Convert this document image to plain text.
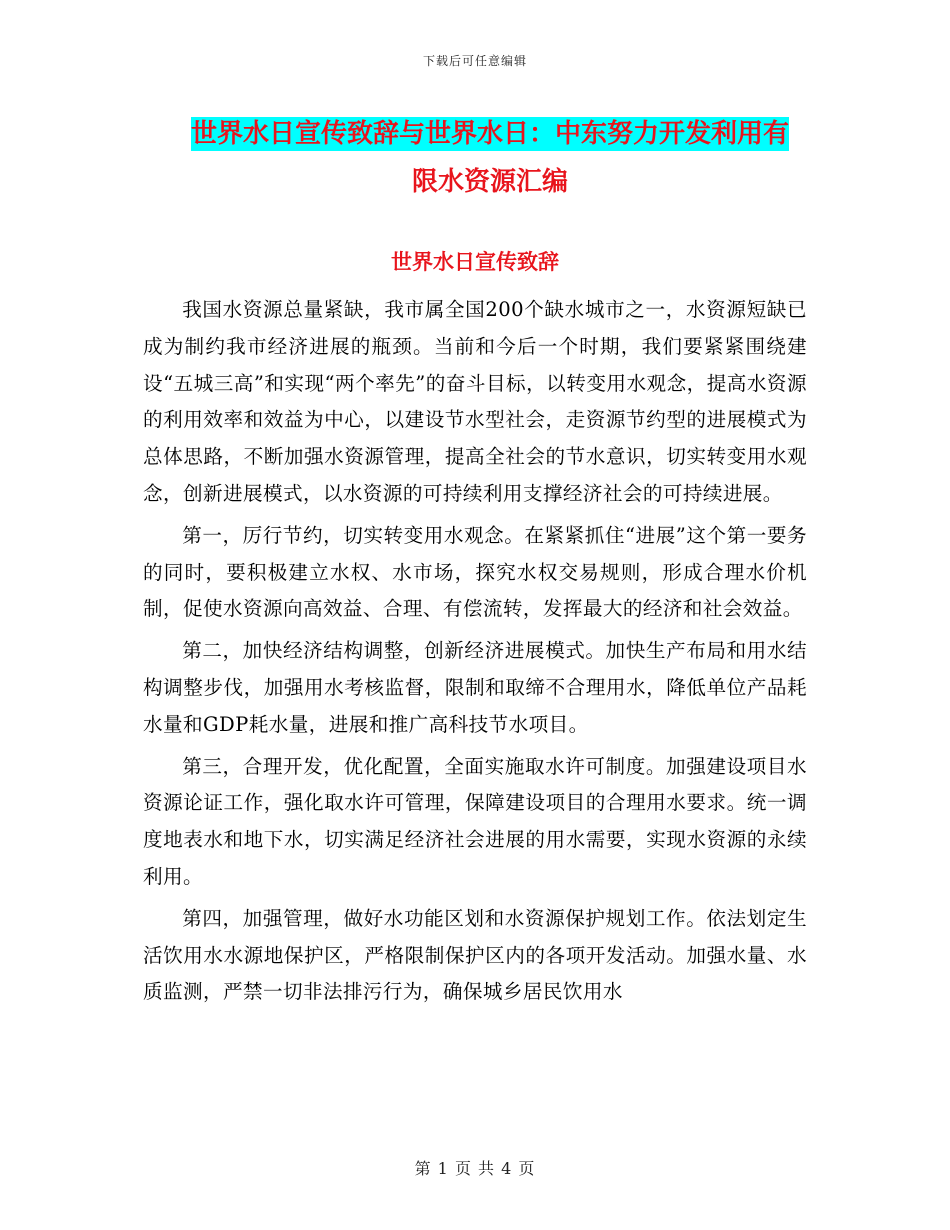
下载后可任意编辑
世界水日宣传致辞与世界水日：中东努力开发利用有
限水资源汇编
世界水日宣传致辞

我国水资源总量紧缺，我市属全国200个缺水城市之一，水资源短缺已成为制约我市经济进展的瓶颈。当前和今后一个时期，我们要紧紧围绕建设“五城三高”和实现“两个率先”的奋斗目标，以转变用水观念，提高水资源的利用效率和效益为中心，以建设节水型社会，走资源节约型的进展模式为总体思路，不断加强水资源管理，提高全社会的节水意识，切实转变用水观念，创新进展模式，以水资源的可持续利用支撑经济社会的可持续进展。

第一，厉行节约，切实转变用水观念。在紧紧抓住“进展”这个第一要务的同时，要积极建立水权、水市场，探究水权交易规则，形成合理水价机制，促使水资源向高效益、合理、有偿流转，发挥最大的经济和社会效益。

第二，加快经济结构调整，创新经济进展模式。加快生产布局和用水结构调整步伐，加强用水考核监督，限制和取缔不合理用水，降低单位产品耗水量和GDP耗水量，进展和推广高科技节水项目。

第三，合理开发，优化配置，全面实施取水许可制度。加强建设项目水资源论证工作，强化取水许可管理，保障建设项目的合理用水要求。统一调度地表水和地下水，切实满足经济社会进展的用水需要，实现水资源的永续利用。

第四，加强管理，做好水功能区划和水资源保护规划工作。依法划定生活饮用水水源地保护区，严格限制保护区内的各项开发活动。加强水量、水质监测，严禁一切非法排污行为，确保城乡居民饮用水

第 1 页 共 4 页
